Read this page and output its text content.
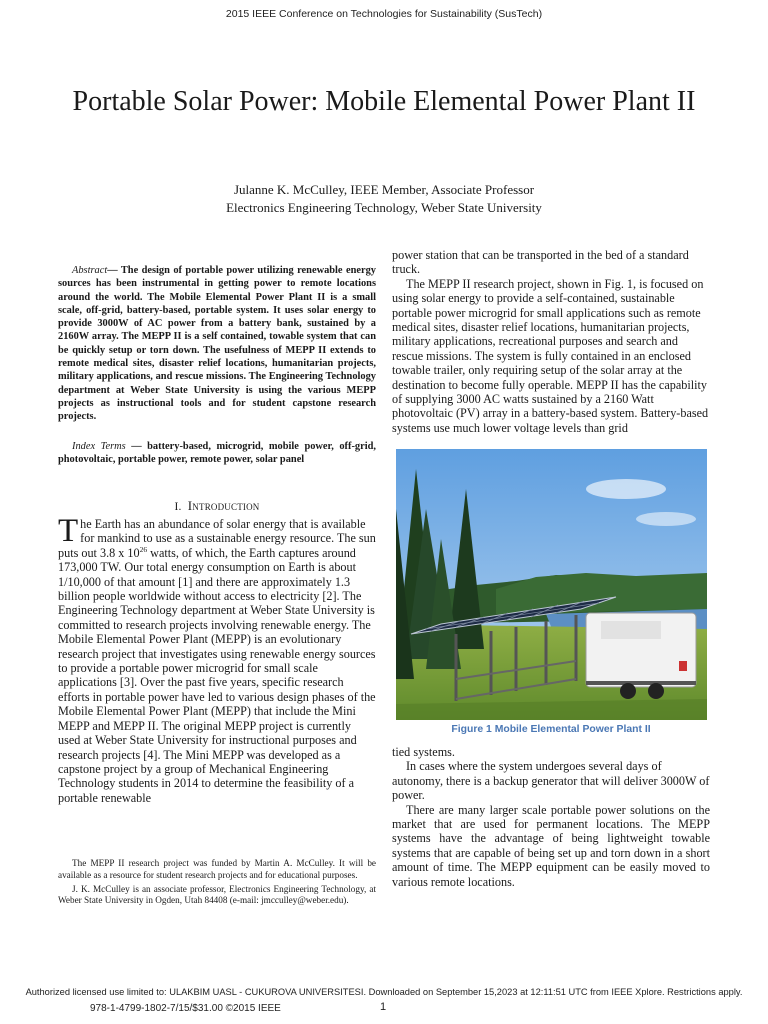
2015 IEEE Conference on Technologies for Sustainability (SusTech)
Portable Solar Power: Mobile Elemental Power Plant II
Julanne K. McCulley, IEEE Member, Associate Professor
Electronics Engineering Technology, Weber State University

Abstract— The design of portable power utilizing renewable energy sources has been instrumental in getting power to remote locations around the world. The Mobile Elemental Power Plant II is a small scale, off-grid, battery-based, portable system. It uses solar energy to provide 3000W of AC power from a battery bank, sustained by a 2160W array. The MEPP II is a self contained, towable system that can be quickly setup or torn down. The usefulness of MEPP II extends to remote medical sites, disaster relief locations, humanitarian projects, military applications, and rescue missions. The Engineering Technology department at Weber State University is using the various MEPP projects as instructional tools and for student capstone research projects.

Index Terms — battery-based, microgrid, mobile power, off-grid, photovoltaic, portable power, remote power, solar panel

I. Introduction

The Earth has an abundance of solar energy that is available for mankind to use as a sustainable energy resource. The sun puts out 3.8 x $10^{26}$ watts, of which, the Earth captures around 173,000 TW. Our total energy consumption on Earth is about 1/10,000 of that amount [1] and there are approximately 1.3 billion people worldwide without access to electricity [2]. The Engineering Technology department at Weber State University is committed to research projects involving renewable energy. The Mobile Elemental Power Plant (MEPP) is an evolutionary research project that investigates using renewable energy sources to provide a portable power microgrid for small scale applications [3]. Over the past five years, specific research efforts in portable power have led to various design phases of the Mobile Elemental Power Plant (MEPP) that include the Mini MEPP and MEPP II. The original MEPP project is currently used at Weber State University for instructional purposes and research projects [4]. The Mini MEPP was developed as a capstone project by a group of Mechanical Engineering Technology students in 2014 to determine the feasibility of a portable renewable

The MEPP II research project was funded by Martin A. McCulley. It will be available as a resource for student research projects and for educational purposes.

J. K. McCulley is an associate professor, Electronics Engineering Technology, at Weber State University in Ogden, Utah 84408 (e-mail: jmcculley@weber.edu).

power station that can be transported in the bed of a standard truck.

The MEPP II research project, shown in Fig. 1, is focused on using solar energy to provide a self-contained, sustainable portable power microgrid for small applications such as remote medical sites, disaster relief locations, humanitarian projects, military applications, recreational purposes and search and rescue missions. The system is fully contained in an enclosed towable trailer, only requiring setup of the solar array at the destination to become fully operable. MEPP II has the capability of supplying 3000 AC watts sustained by a 2160 Watt photovoltaic (PV) array in a battery-based system. Battery-based systems use much lower voltage levels than grid

Figure 1 Mobile Elemental Power Plant II

tied systems.

In cases where the system undergoes several days of autonomy, there is a backup generator that will deliver 3000W of power.

There are many larger scale portable power solutions on the market that are used for permanent locations. The MEPP systems have the advantage of being lightweight towable systems that are capable of being set up and torn down in a short amount of time. The MEPP equipment can be easily moved to various remote locations.

Authorized licensed use limited to: ULAKBIM UASL - CUKUROVA UNIVERSITESI. Downloaded on September 15,2023 at 12:11:51 UTC from IEEE Xplore. Restrictions apply.
978-1-4799-1802-7/15/$31.00 ©2015 IEEE	1
